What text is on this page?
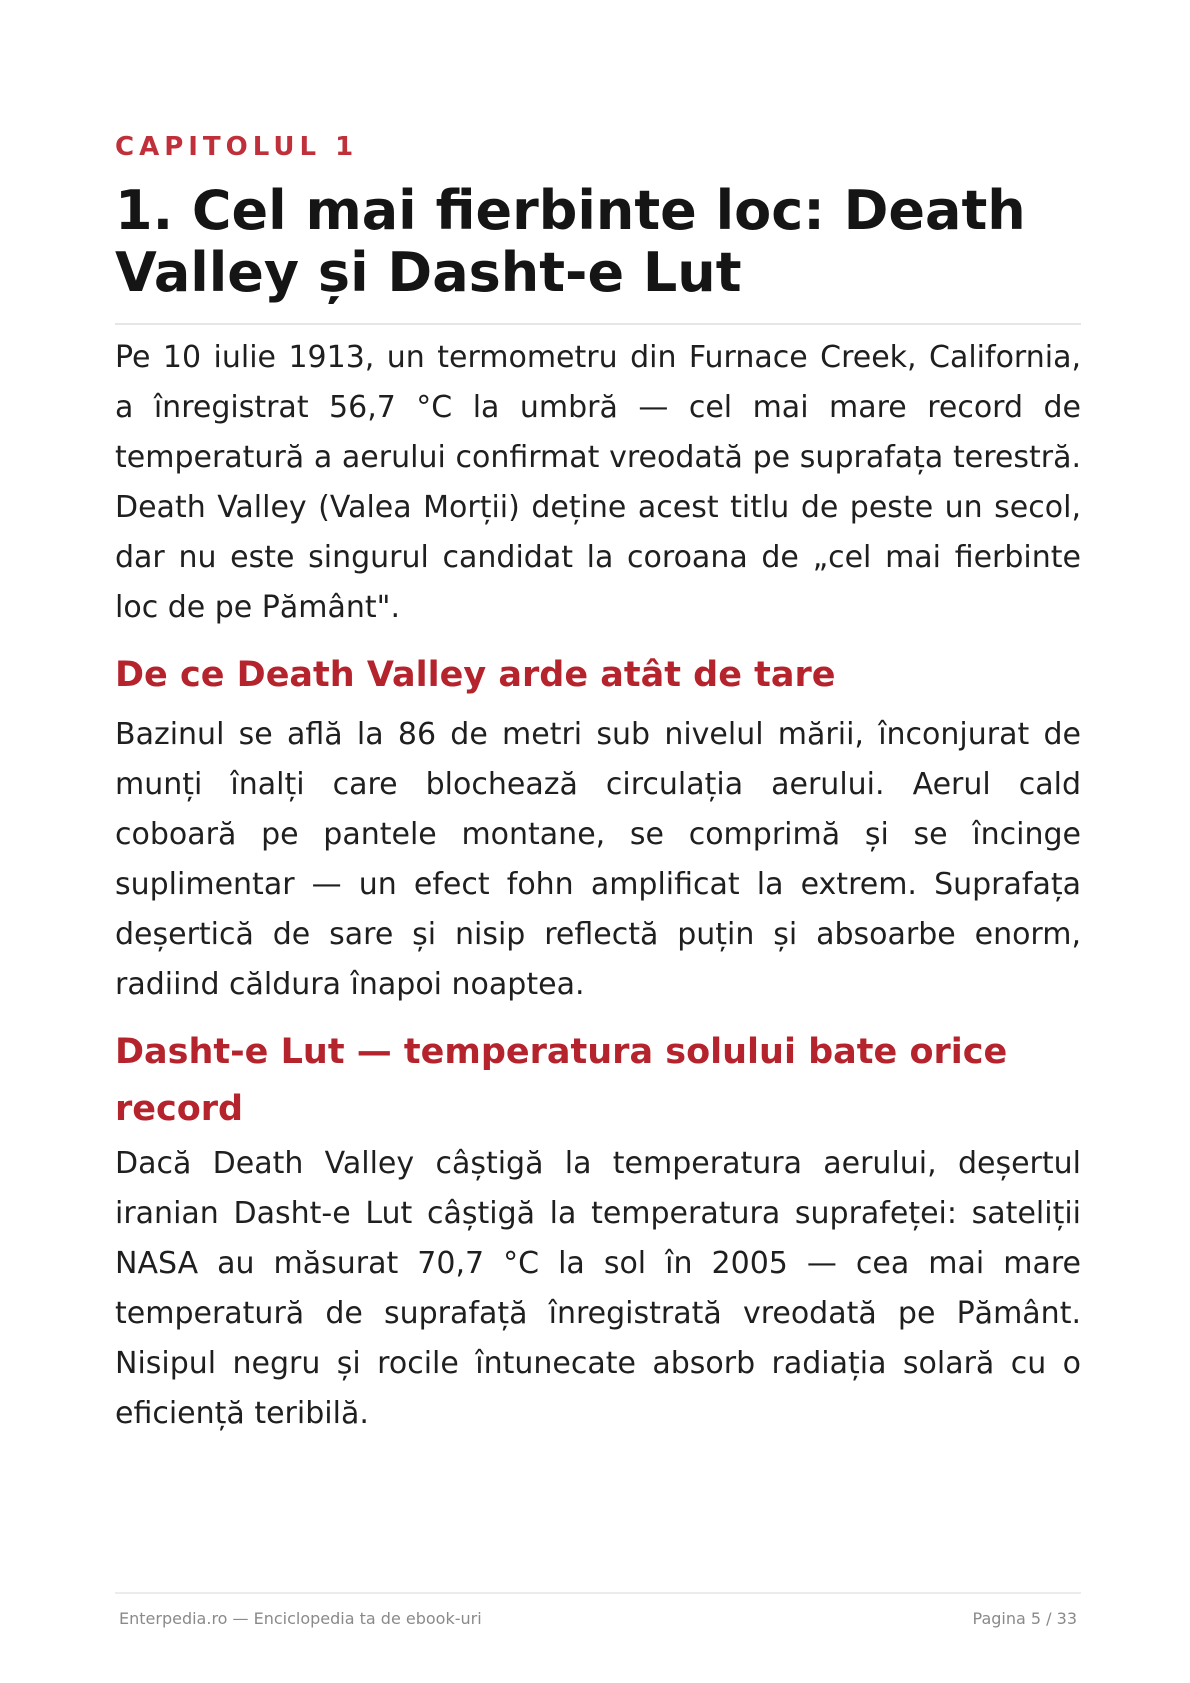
CAPITOLUL 1
1. Cel mai fierbinte loc: Death Valley și Dasht-e Lut

Pe 10 iulie 1913, un termometru din Furnace Creek, California, a înregistrat 56,7 °C la umbră — cel mai mare record de temperatură a aerului confirmat vreodată pe suprafața terestră. Death Valley (Valea Morții) deține acest titlu de peste un secol, dar nu este singurul candidat la coroana de „cel mai fierbinte loc de pe Pământ".

De ce Death Valley arde atât de tare

Bazinul se află la 86 de metri sub nivelul mării, înconjurat de munți înalți care blochează circulația aerului. Aerul cald coboară pe pantele montane, se comprimă și se încinge suplimentar — un efect fohn amplificat la extrem. Suprafața deșertică de sare și nisip reflectă puțin și absoarbe enorm, radiind căldura înapoi noaptea.

Dasht-e Lut — temperatura solului bate orice record

Dacă Death Valley câștigă la temperatura aerului, deșertul iranian Dasht-e Lut câștigă la temperatura suprafeței: sateliții NASA au măsurat 70,7 °C la sol în 2005 — cea mai mare temperatură de suprafață înregistrată vreodată pe Pământ. Nisipul negru și rocile întunecate absorb radiația solară cu o eficiență teribilă.

Enterpedia.ro — Enciclopedia ta de ebook-uri	Pagina 5 / 33
